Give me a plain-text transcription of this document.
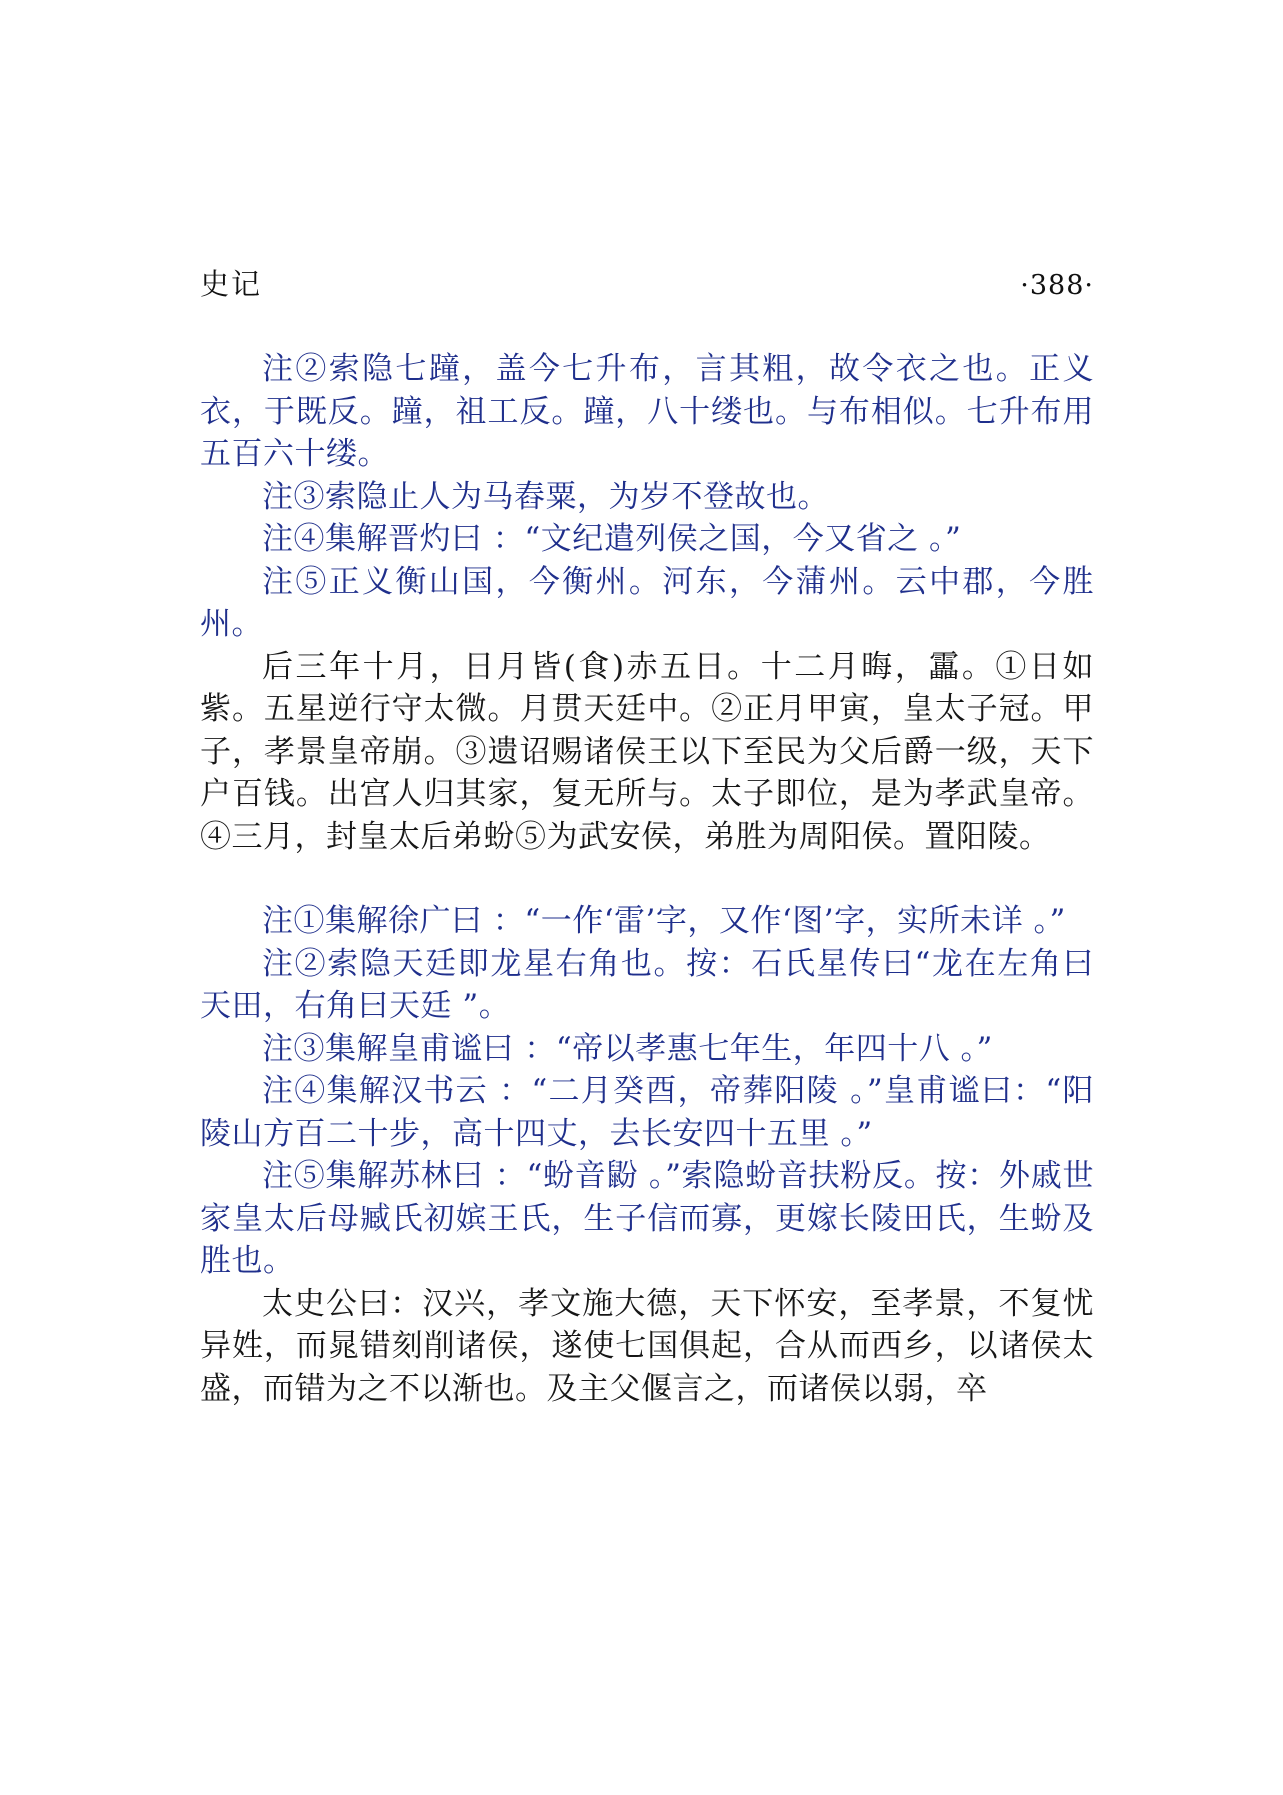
史记	·388·

注②索隐七蹱，盖今七升布，言其粗，故令衣之也。正义衣，于既反。蹱，祖工反。蹱，八十缕也。与布相似。七升布用五百六十缕。

注③索隐止人为马舂粟，为岁不登故也。

注④集解晋灼曰 ：“文纪遣列侯之国，今又省之 。”

注⑤正义衡山国，今衡州。河东，今蒲州。云中郡，今胜州。

后三年十月，日月皆(食)赤五日。十二月晦，靁。①日如紫。五星逆行守太微。月贯天廷中。②正月甲寅，皇太子冠。甲子，孝景皇帝崩。③遗诏赐诸侯王以下至民为父后爵一级，天下户百钱。出宫人归其家，复无所与。太子即位，是为孝武皇帝。④三月，封皇太后弟蚡⑤为武安侯，弟胜为周阳侯。置阳陵。

注①集解徐广曰 ：“一作‘雷’字，又作‘图’字，实所未详 。”

注②索隐天廷即龙星右角也。按：石氏星传曰“龙在左角曰天田，右角曰天廷 ”。

注③集解皇甫谧曰 ：“帝以孝惠七年生，年四十八 。”

注④集解汉书云 ：“二月癸酉，帝葬阳陵 。”皇甫谧曰：“阳陵山方百二十步，高十四丈，去长安四十五里 。”

注⑤集解苏林曰 ：“蚡音鼢 。”索隐蚡音扶粉反。按：外戚世家皇太后母臧氏初嫔王氏，生子信而寡，更嫁长陵田氏，生蚡及胜也。

太史公曰：汉兴，孝文施大德，天下怀安，至孝景，不复忧异姓，而晁错刻削诸侯，遂使七国俱起，合从而西乡，以诸侯太盛，而错为之不以渐也。及主父偃言之，而诸侯以弱，卒
